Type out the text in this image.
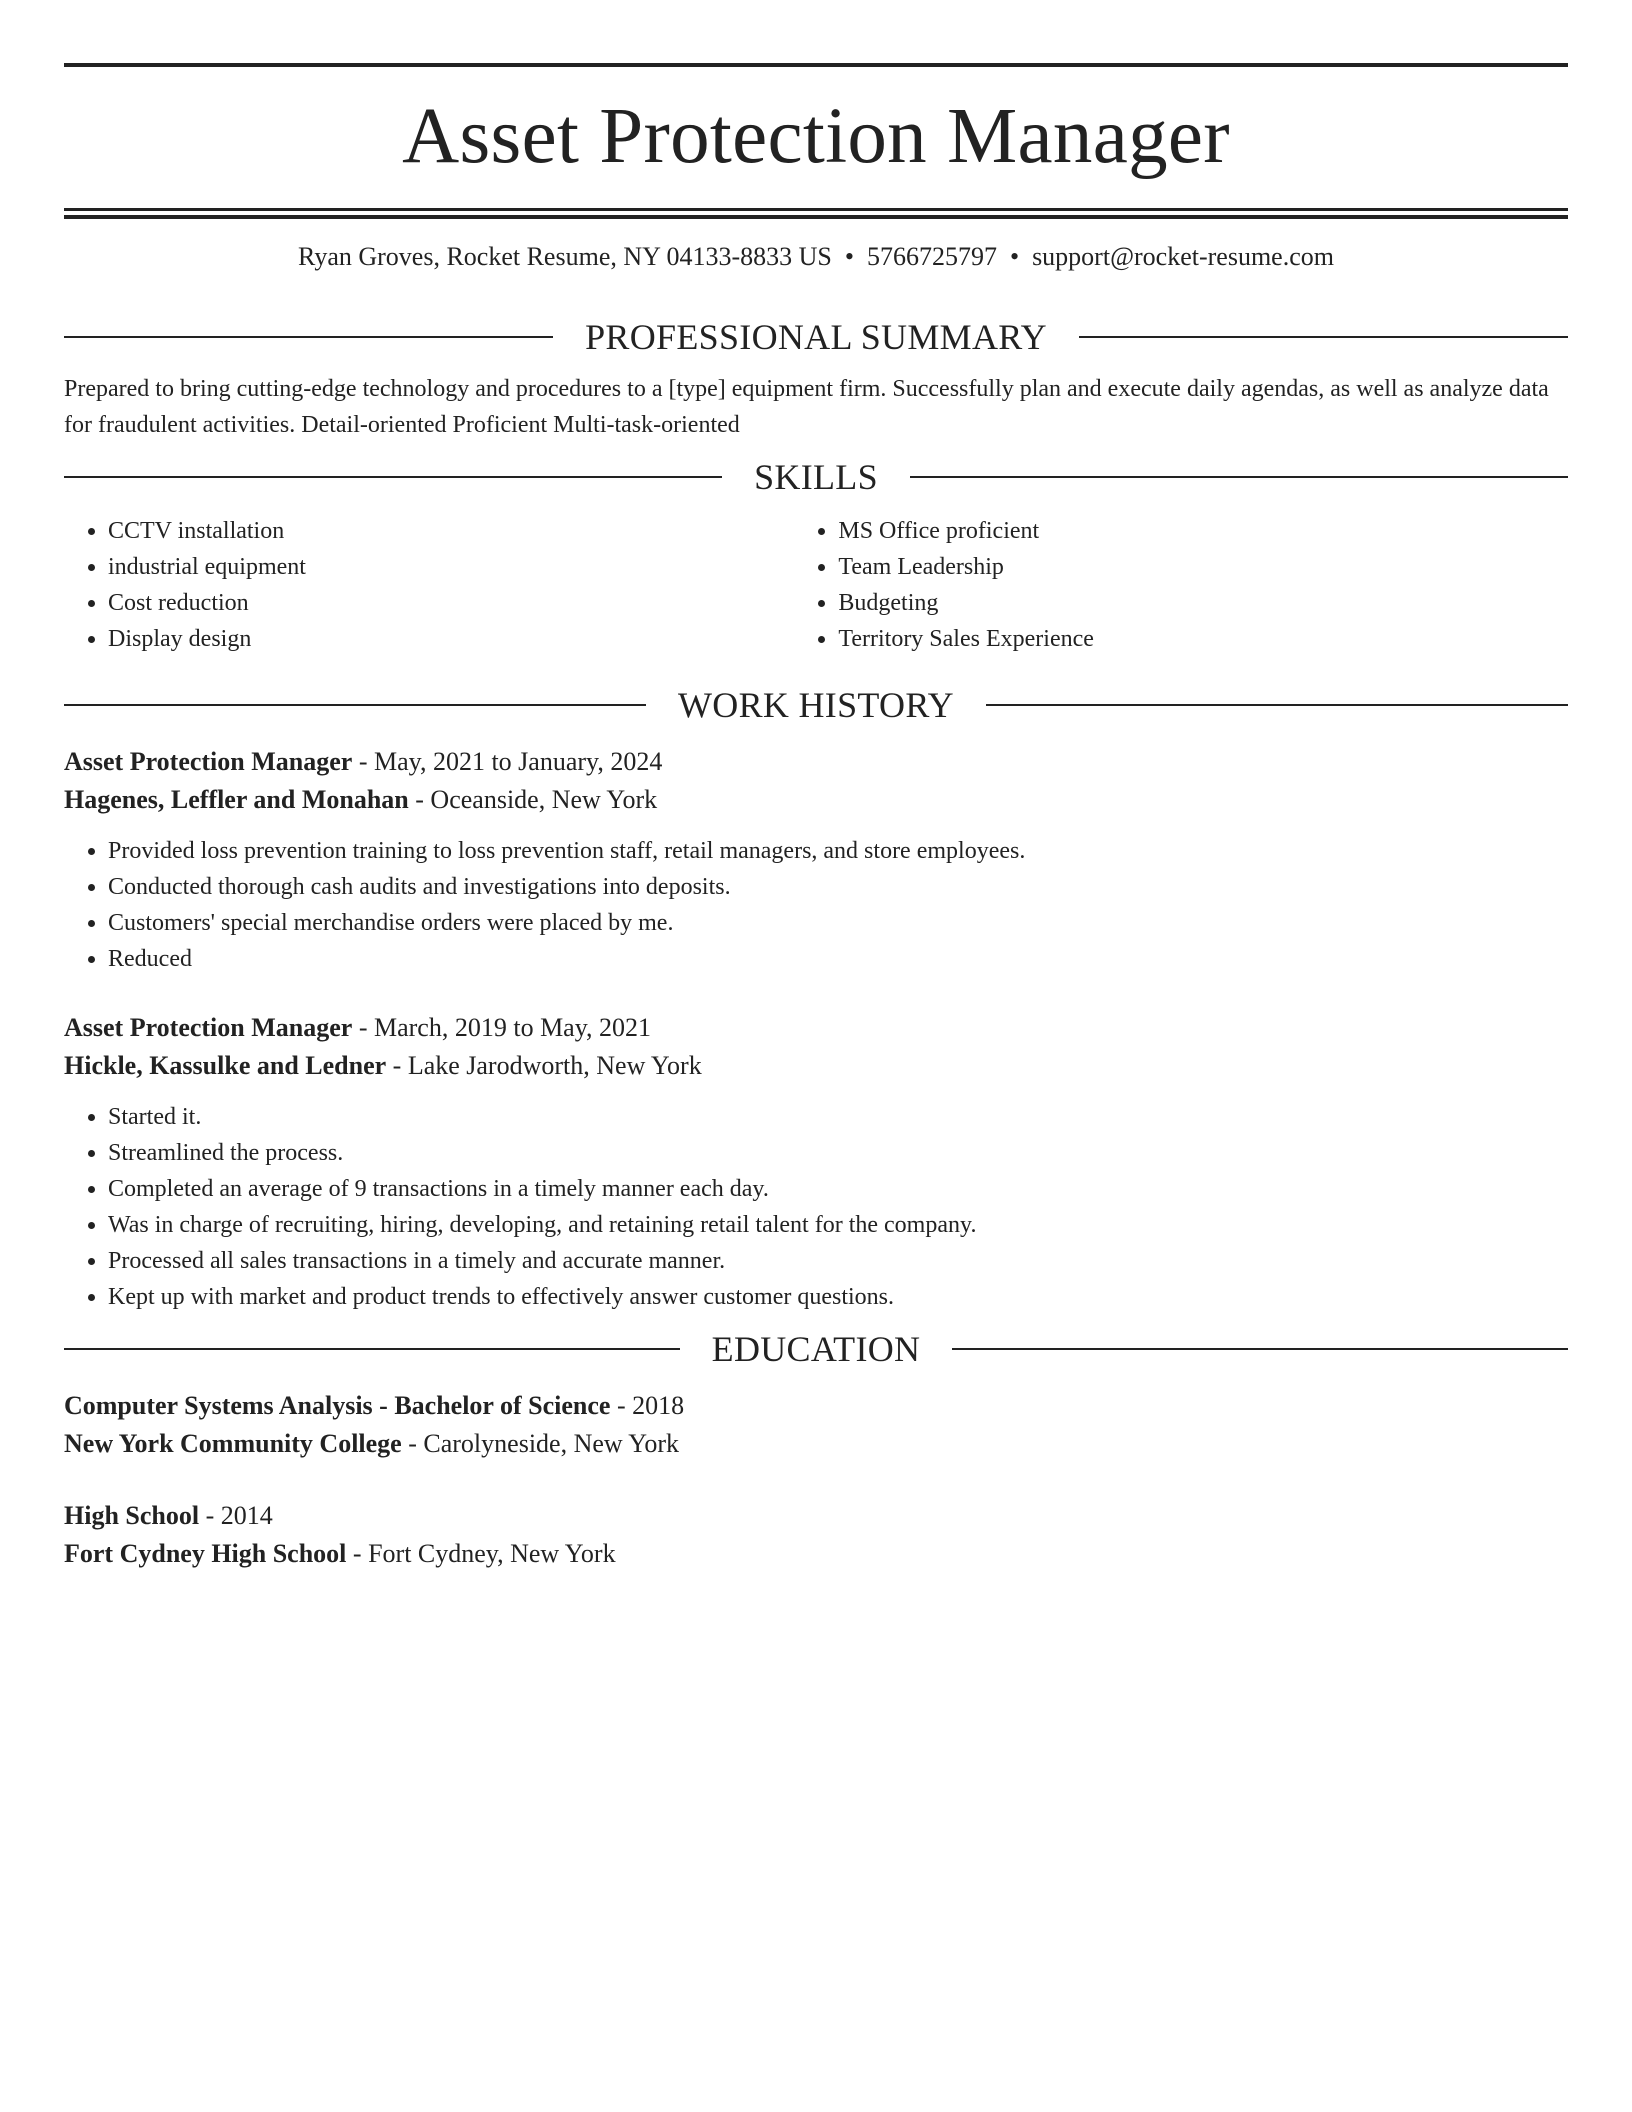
Asset Protection Manager
Ryan Groves, Rocket Resume, NY 04133-8833 US • 5766725797 • support@rocket-resume.com
PROFESSIONAL SUMMARY
Prepared to bring cutting-edge technology and procedures to a [type] equipment firm. Successfully plan and execute daily agendas, as well as analyze data for fraudulent activities. Detail-oriented Proficient Multi-task-oriented
SKILLS
• CCTV installation
• industrial equipment
• Cost reduction
• Display design
• MS Office proficient
• Team Leadership
• Budgeting
• Territory Sales Experience
WORK HISTORY
Asset Protection Manager - May, 2021 to January, 2024
Hagenes, Leffler and Monahan - Oceanside, New York
• Provided loss prevention training to loss prevention staff, retail managers, and store employees.
• Conducted thorough cash audits and investigations into deposits.
• Customers' special merchandise orders were placed by me.
• Reduced
Asset Protection Manager - March, 2019 to May, 2021
Hickle, Kassulke and Ledner - Lake Jarodworth, New York
• Started it.
• Streamlined the process.
• Completed an average of 9 transactions in a timely manner each day.
• Was in charge of recruiting, hiring, developing, and retaining retail talent for the company.
• Processed all sales transactions in a timely and accurate manner.
• Kept up with market and product trends to effectively answer customer questions.
EDUCATION
Computer Systems Analysis - Bachelor of Science - 2018
New York Community College - Carolyneside, New York
High School - 2014
Fort Cydney High School - Fort Cydney, New York
